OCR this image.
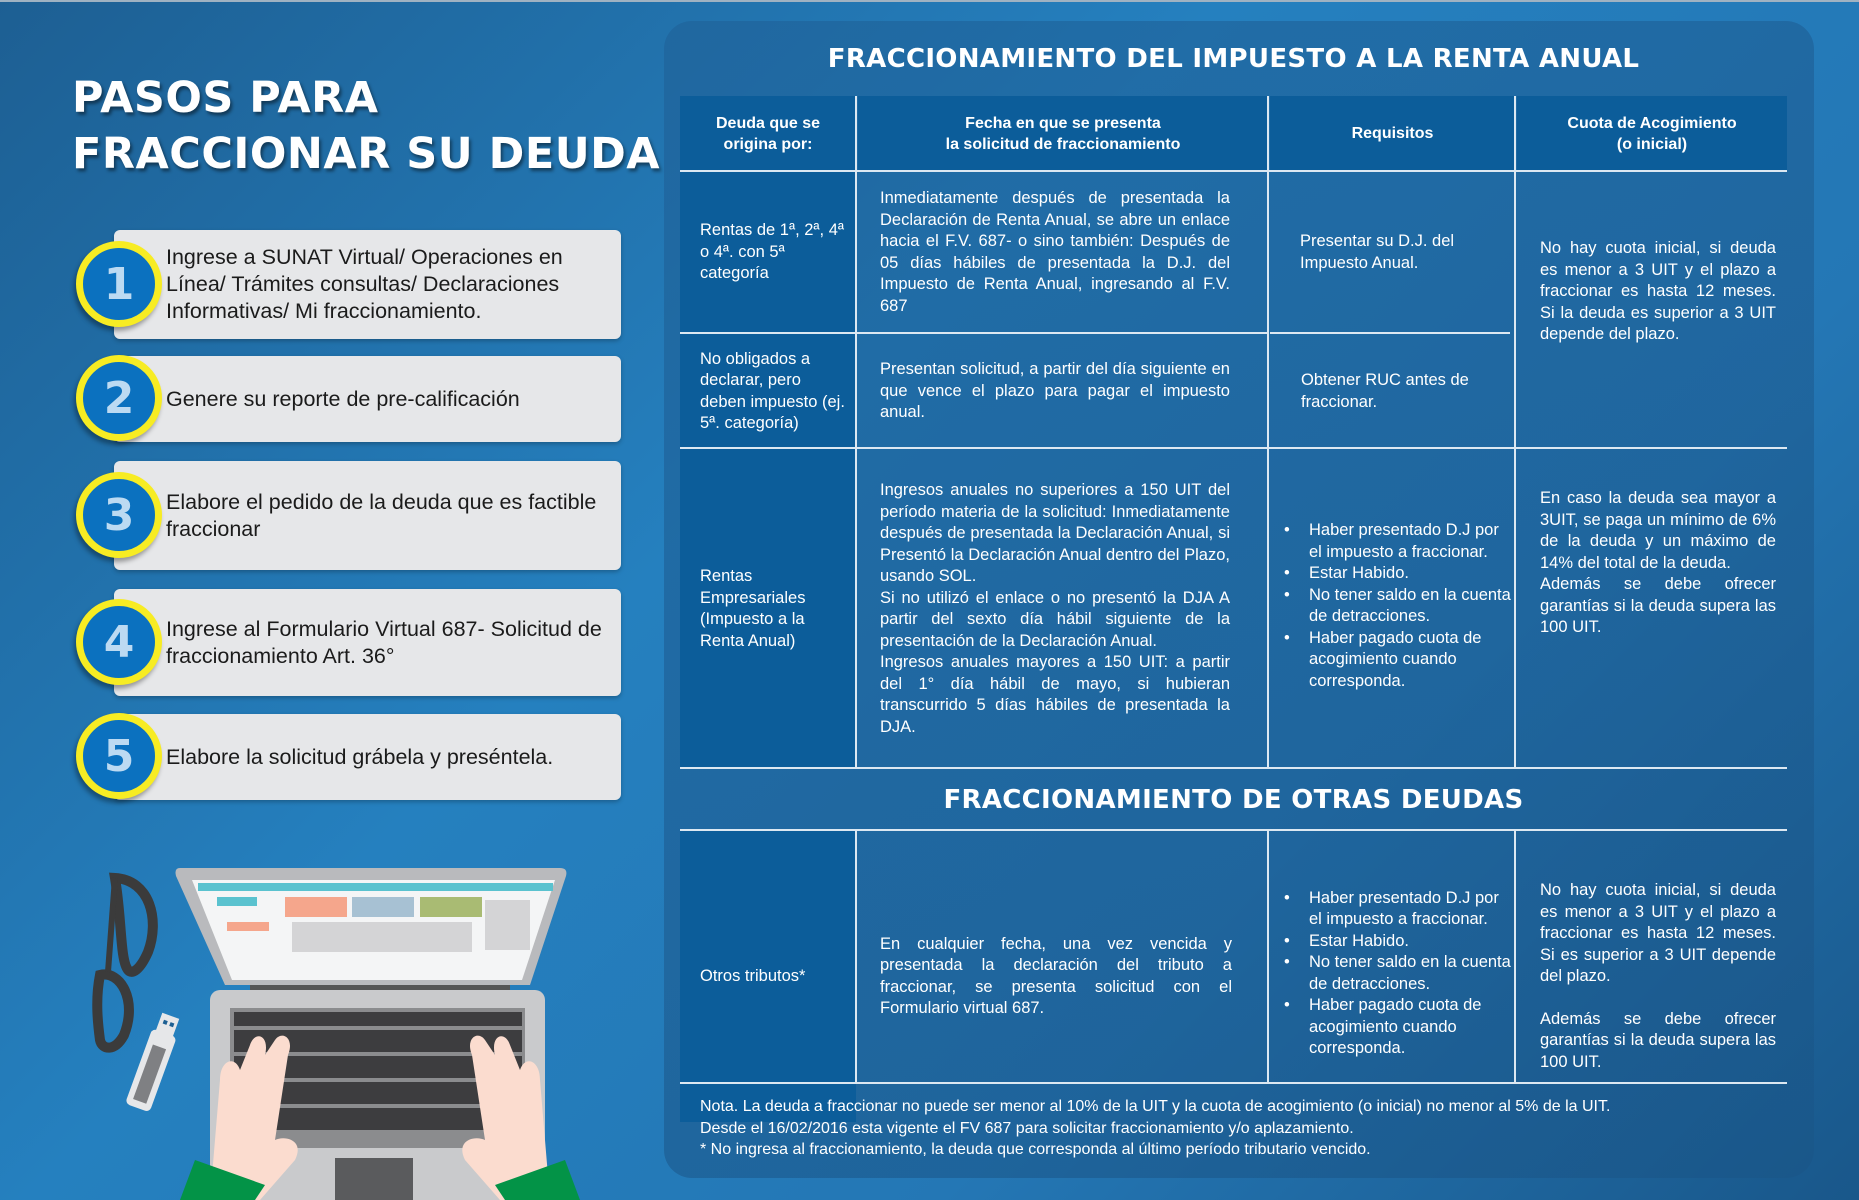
PASOS PARA
FRACCIONAR SU DEUDA
Ingrese a SUNAT Virtual/ Operaciones en Línea/ Trámites consultas/ Declaraciones Informativas/ Mi fraccionamiento.
1
Genere su reporte de pre-calificación
2
Elabore el pedido de la deuda que es factible fraccionar
3
Ingrese al Formulario Virtual 687- Solicitud de fraccionamiento Art. 36°
4
Elabore la solicitud grábela y preséntela.
5
FRACCIONAMIENTO DEL IMPUESTO A LA RENTA ANUAL
Deuda que se origina por:
Fecha en que se presenta
la solicitud de fraccionamiento
Requisitos
Cuota de Acogimiento (o inicial)
Rentas de 1ª, 2ª, 4ª o 4ª. con 5ª categoría
Inmediatamente después de presentada la Declaración de Renta Anual, se abre un enlace hacia el F.V. 687- o sino también: Después de 05 días hábiles de presentada la D.J. del Impuesto de Renta Anual, ingresando al F.V. 687
Presentar su D.J. del Impuesto Anual.
No obligados a declarar, pero deben impuesto (ej. 5ª. categoría)
Presentan solicitud, a partir del día siguiente en que vence el plazo para pagar el impuesto anual.
Obtener RUC antes de fraccionar.
No hay cuota inicial, si deuda es menor a 3 UIT y el plazo a fraccionar es hasta 12 meses. Si la deuda es superior a 3 UIT depende del plazo.
Rentas Empresariales (Impuesto a la Renta Anual)

Ingresos anuales no superiores a 150 UIT del período materia de la solicitud: Inmediatamente después de presentada la Declaración Anual, si Presentó la Declaración Anual dentro del Plazo, usando SOL.

Si no utilizó el enlace o no presentó la DJA A partir del sexto día hábil siguiente de la presentación de la Declaración Anual.

Ingresos anuales mayores a 150 UIT: a partir del 1° día hábil de mayo, si hubieran transcurrido 5 días hábiles de presentada la DJA.

• Haber presentado D.J por el impuesto a fraccionar.
• Estar Habido.
• No tener saldo en la cuenta de detracciones.
• Haber pagado cuota de acogimiento cuando corresponda.

En caso la deuda sea mayor a 3UIT, se paga un mínimo de 6% de la deuda y un máximo de 14% del total de la deuda.

Además se debe ofrecer garantías si la deuda supera las 100 UIT.

FRACCIONAMIENTO DE OTRAS DEUDAS
Otros tributos*
En cualquier fecha, una vez vencida y presentada la declaración del tributo a fraccionar, se presenta solicitud con el Formulario virtual 687.
• Haber presentado D.J por el impuesto a fraccionar.
• Estar Habido.
• No tener saldo en la cuenta de detracciones.
• Haber pagado cuota de acogimiento cuando corresponda.

No hay cuota inicial, si deuda es menor a 3 UIT y el plazo a fraccionar es hasta 12 meses. Si es superior a 3 UIT depende del plazo.

Además se debe ofrecer garantías si la deuda supera las 100 UIT.

Nota. La deuda a fraccionar no puede ser menor al 10% de la UIT y la cuota de acogimiento (o inicial) no menor al 5% de la UIT.

Desde el 16/02/2016 esta vigente el FV 687 para solicitar fraccionamiento y/o aplazamiento.

* No ingresa al fraccionamiento, la deuda que corresponda al último período tributario vencido.
